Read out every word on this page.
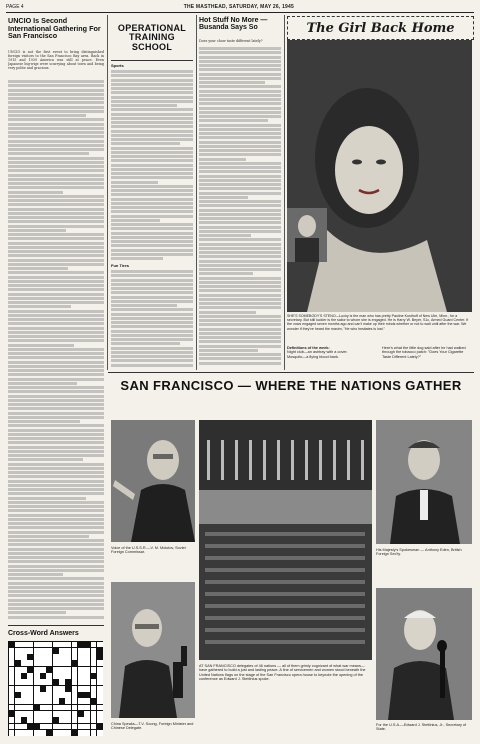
PAGE 4	THE MASTHEAD, SATURDAY, MAY 26, 1945
UNCIO Is Second International Gathering For San Francisco
UNCIO is not the first event to bring distinguished foreign visitors to the San Francisco Bay area. Back in 1915 and 1939 America was still at peace. Even Japanese big-wigs were scurrying about town and being very polite and gracious.
Cross-Word Answers
OPERATIONAL TRAINING SCHOOL
Sports
Fun Tires
Hot Stuff No More — Busanda Says So
Does your chow taste different lately?
The Girl Back Home
SHE'S SOMEBODY'S STENO—Lucky is the man who has pretty Pauline Kusthoff of New Ulm, Minn., for a secretary. But still luckier is the sailor to whom she is engaged. He is Harry W. Beyer, S1c, Armed Guard Center. If the vows engaged seven months ago and can't make up their minds whether or not to wait until after the war. We wonder if they've heard the maxim, "He who hesitates is lost."
Definitions of the week:
Night club—an ashtray with a cover.
Mosquito—a flying blood bank.
Here's what the little dog said after he had walked through the tobacco patch: "Does Your Cigarette Taste Different Lately?"
SAN FRANCISCO — WHERE THE NATIONS GATHER
Voice of the U.S.S.R.—V. M. Molotov, Soviet Foreign Commissar.
AT SAN FRANCISCO delegates of 46 nations — all of them grimly cognizant of what war means—have gathered to build a just and lasting peace. A line of servicemen and women stood beneath the United Nations flags on the stage of the San Francisco opera house to keynote the opening of the conference as Edward J. Stettinius spoke.
His Majesty's Spokesman — Anthony Eden, British Foreign Sec'ty.
China Speaks—T.V. Soong, Foreign Minister and Chinese Delegate.
For the U.S.A.—Edward J. Stettinius, Jr., Secretary of State.
